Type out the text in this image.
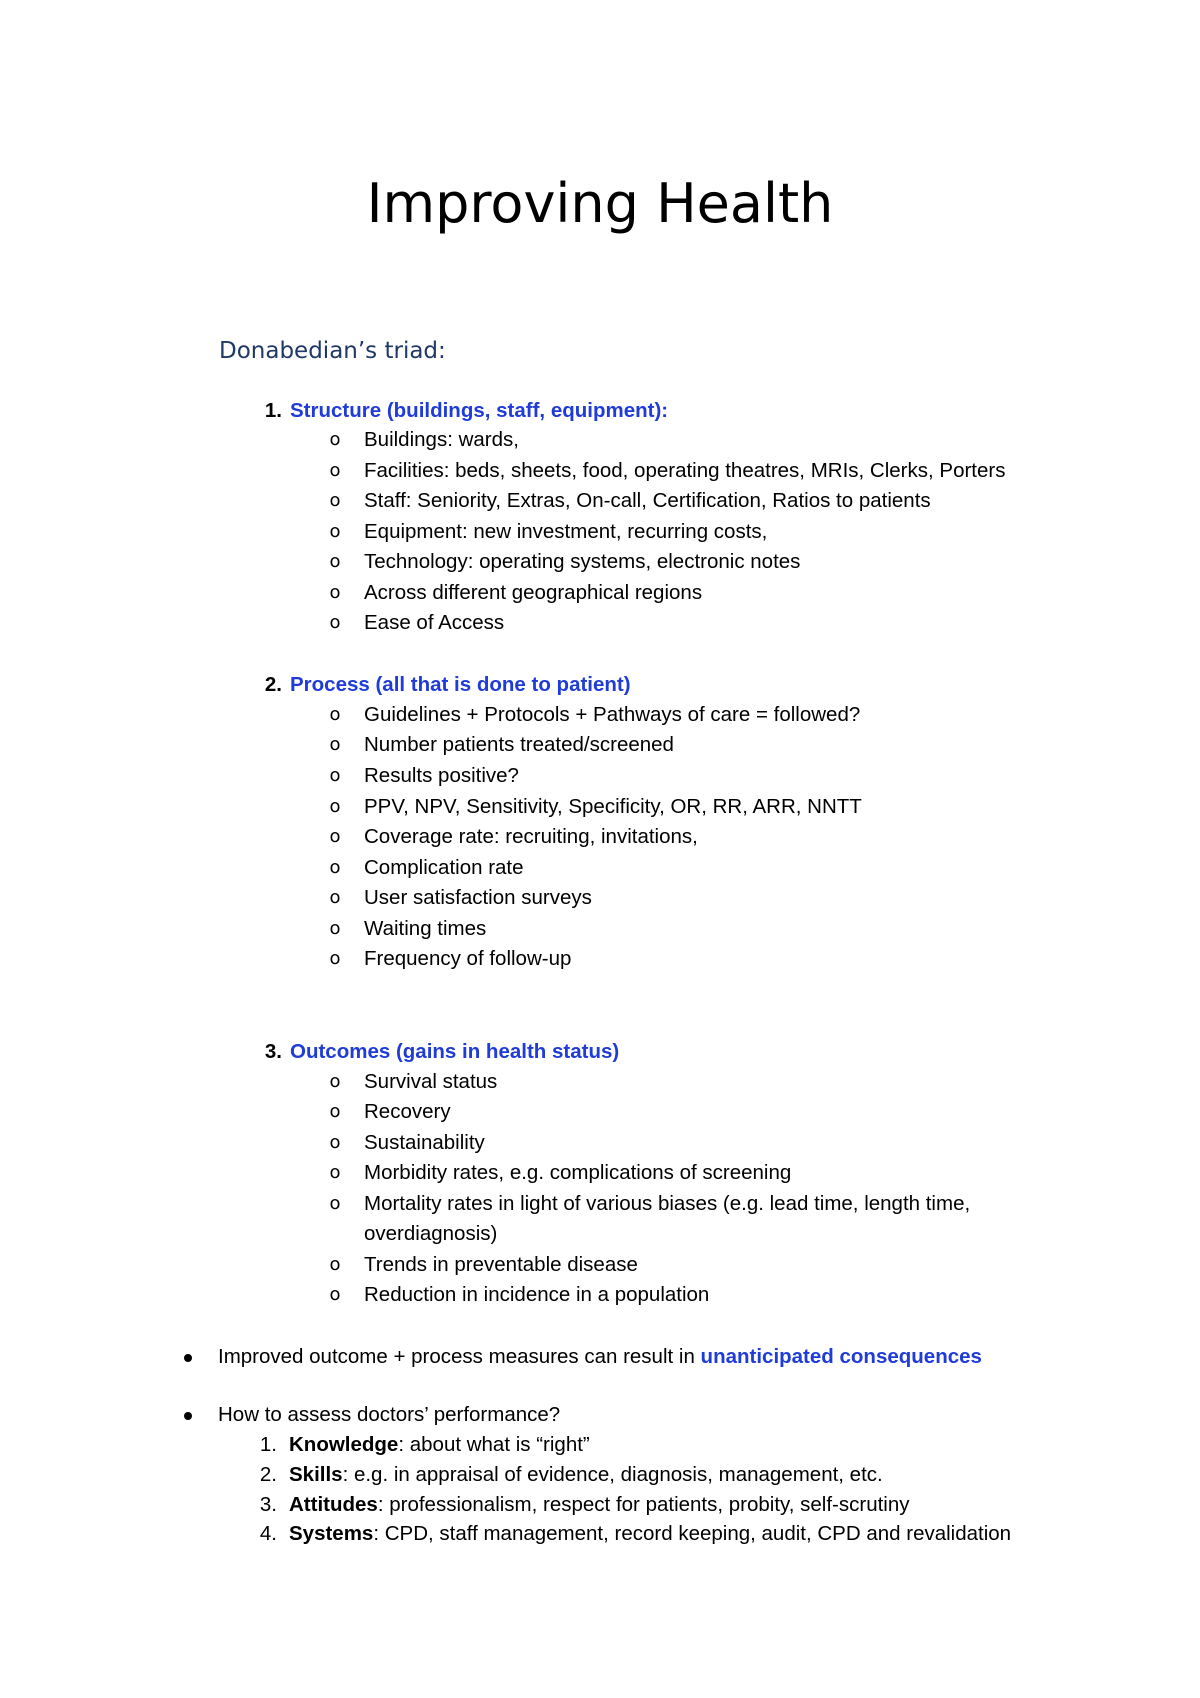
Improving Health
Donabedian’s triad:
1. Structure (buildings, staff, equipment):
o Buildings: wards,
o Facilities: beds, sheets, food, operating theatres, MRIs, Clerks, Porters
o Staff: Seniority, Extras, On-call, Certification, Ratios to patients
o Equipment: new investment, recurring costs,
o Technology: operating systems, electronic notes
o Across different geographical regions
o Ease of Access
2. Process (all that is done to patient)
o Guidelines + Protocols + Pathways of care = followed?
o Number patients treated/screened
o Results positive?
o PPV, NPV, Sensitivity, Specificity, OR, RR, ARR, NNTT
o Coverage rate: recruiting, invitations,
o Complication rate
o User satisfaction surveys
o Waiting times
o Frequency of follow-up
3. Outcomes (gains in health status)
o Survival status
o Recovery
o Sustainability
o Morbidity rates, e.g. complications of screening
o Mortality rates in light of various biases (e.g. lead time, length time,
overdiagnosis)
o Trends in preventable disease
o Reduction in incidence in a population
Improved outcome + process measures can result in unanticipated consequences
How to assess doctors’ performance?
1. Knowledge: about what is “right”
2. Skills: e.g. in appraisal of evidence, diagnosis, management, etc.
3. Attitudes: professionalism, respect for patients, probity, self-scrutiny
4. Systems: CPD, staff management, record keeping, audit, CPD and revalidation
